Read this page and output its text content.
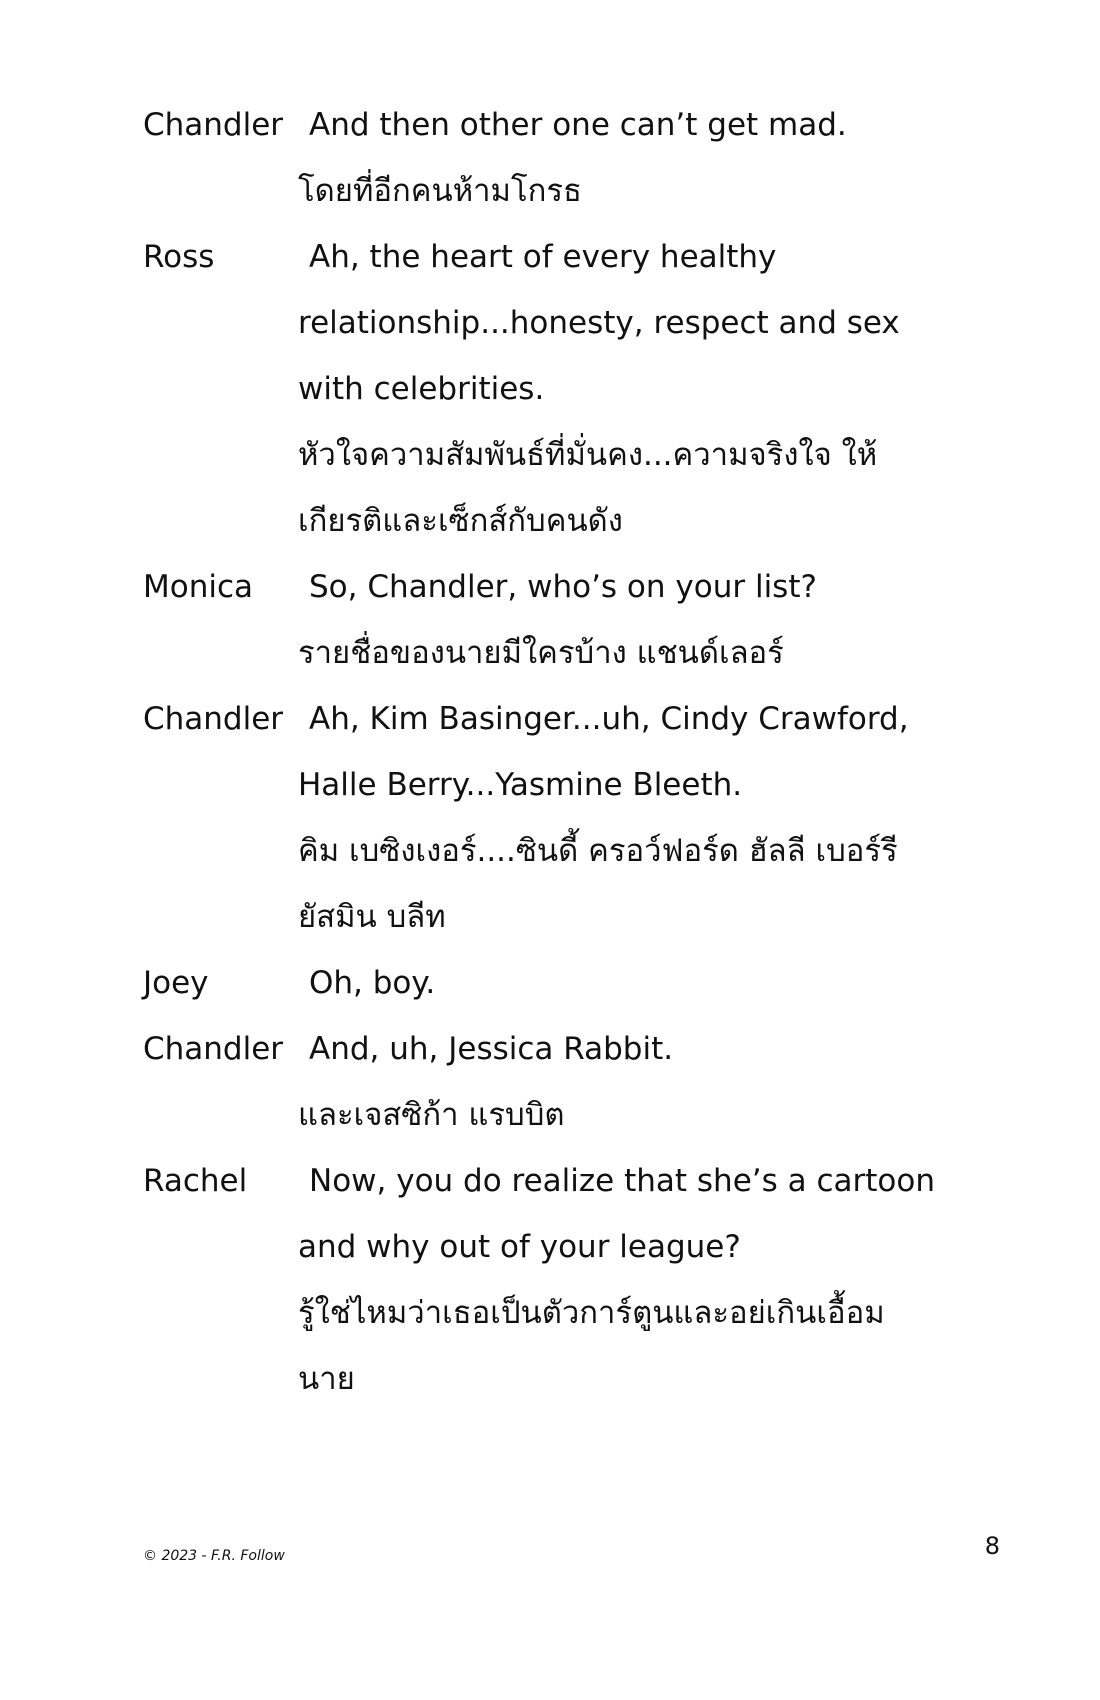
Chandler And then other one can’t get mad.
โดยที่อีกคนห้ามโกรธ
Ross	Ah, the heart of every healthy
relationship...honesty, respect and sex
with celebrities.
หัวใจความสัมพันธ์ที่มั่นคง...ความจริงใจ ให้
เกียรติและเซ็กส์กับคนดัง
Monica	So, Chandler, who’s on your list?
รายชื่อของนายมีใครบ้าง แชนด์เลอร์
Chandler Ah, Kim Basinger...uh, Cindy Crawford,
Halle Berry...Yasmine Bleeth.
คิม เบซิงเงอร์....ซินดี้ ครอว์ฟอร์ด ฮัลลี เบอร์รี
ยัสมิน บลีท
Joey	Oh, boy.
Chandler And, uh, Jessica Rabbit.
และเจสซิก้า แรบบิต
Rachel	Now, you do realize that she’s a cartoon
and why out of your league?
รู้ใช่ไหมว่าเธอเป็นตัวการ์ตูนและอย่เกินเอื้อม
นาย
© 2023 - F.R. Follow	8
